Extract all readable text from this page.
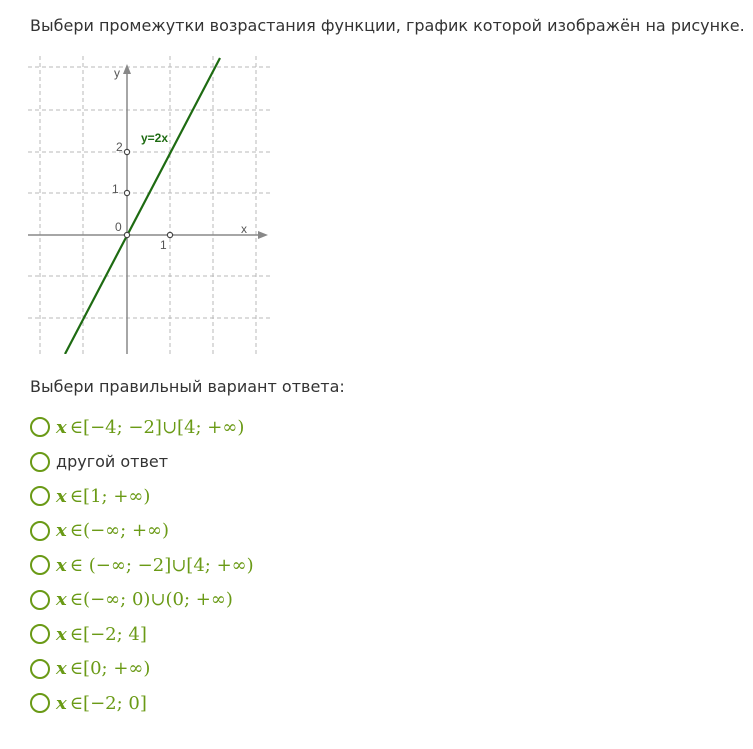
Выбери промежутки возрастания функции, график которой изображён на рисунке.
y=2x
x
y
1
1
2
0
Выбери правильный вариант ответа:
x ∈[−4; −2]∪[4; +∞)
другой ответ
x ∈[1; +∞)
x ∈(−∞; +∞)
x ∈ (−∞; −2]∪[4; +∞)
x ∈(−∞; 0)∪(0; +∞)
x ∈[−2; 4]
x ∈[0; +∞)
x ∈[−2; 0]
